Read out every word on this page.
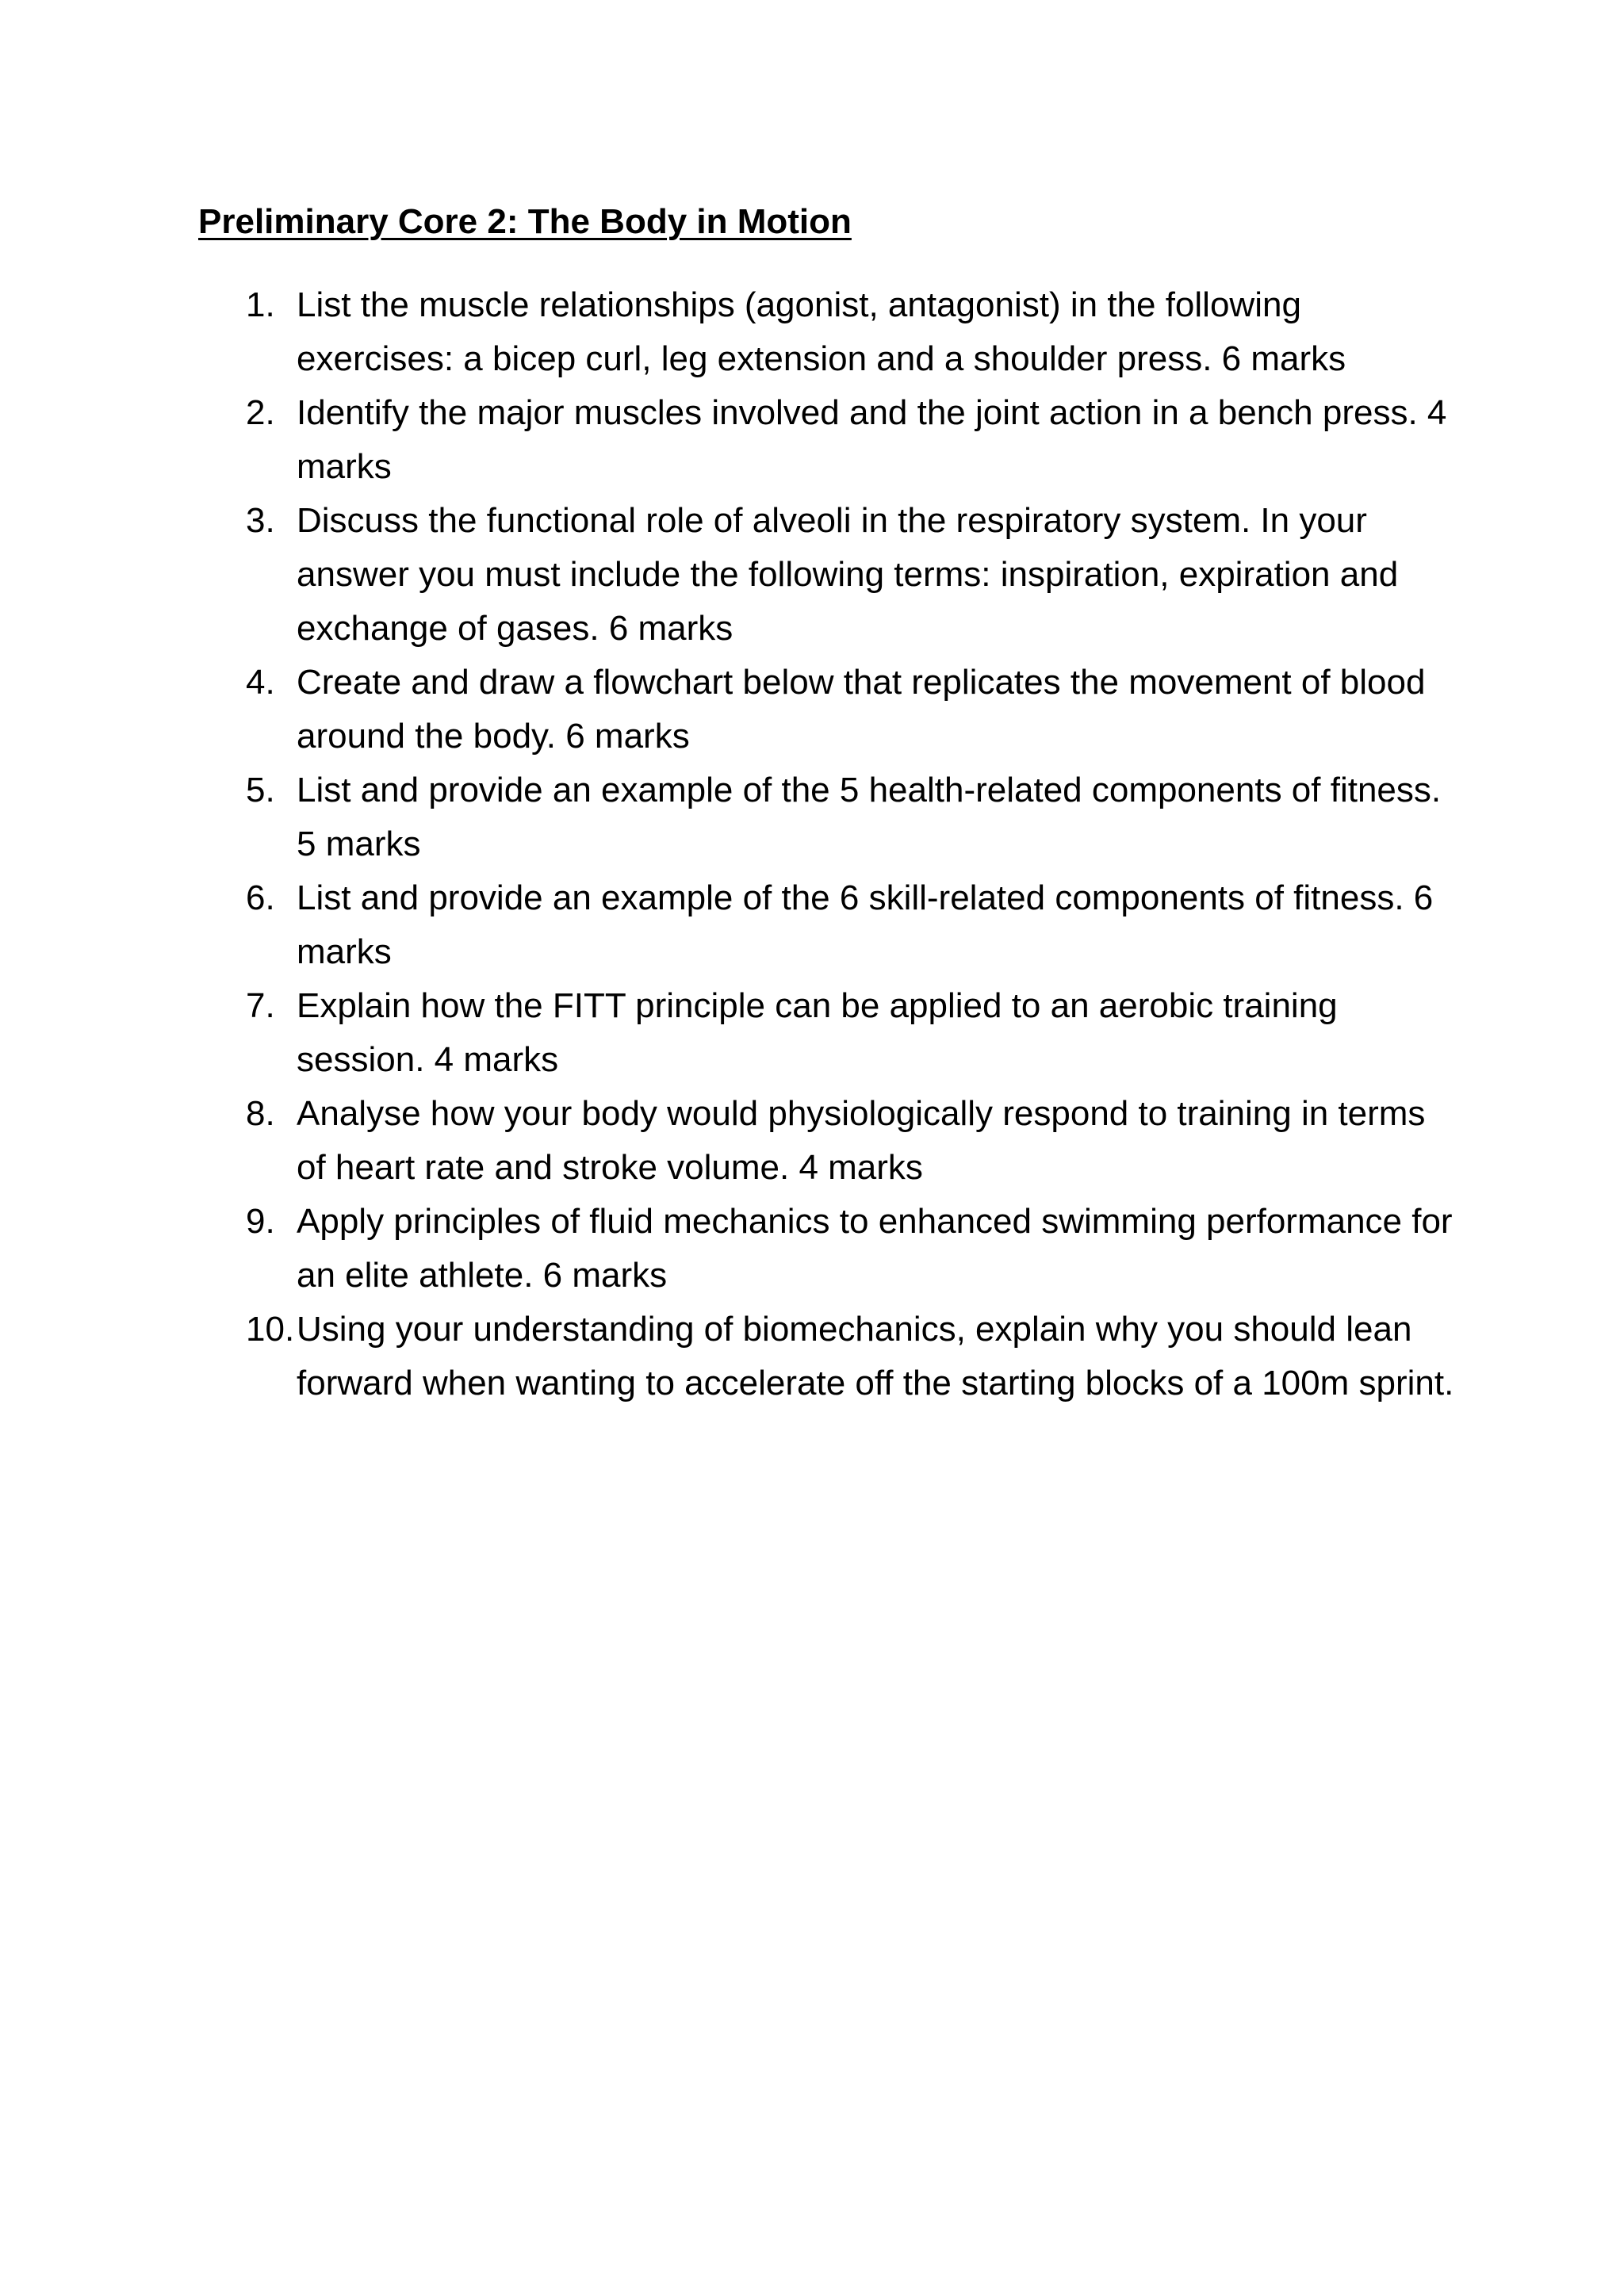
Preliminary Core 2: The Body in Motion
1. List the muscle relationships (agonist, antagonist) in the following exercises: a bicep curl, leg extension and a shoulder press. 6 marks
2. Identify the major muscles involved and the joint action in a bench press. 4 marks
3. Discuss the functional role of alveoli in the respiratory system. In your answer you must include the following terms: inspiration, expiration and exchange of gases. 6 marks
4. Create and draw a flowchart below that replicates the movement of blood around the body. 6 marks
5. List and provide an example of the 5 health-related components of fitness. 5 marks
6. List and provide an example of the 6 skill-related components of fitness. 6 marks
7. Explain how the FITT principle can be applied to an aerobic training session. 4 marks
8. Analyse how your body would physiologically respond to training in terms of heart rate and stroke volume. 4 marks
9. Apply principles of fluid mechanics to enhanced swimming performance for an elite athlete. 6 marks
10. Using your understanding of biomechanics, explain why you should lean forward when wanting to accelerate off the starting blocks of a 100m sprint.
